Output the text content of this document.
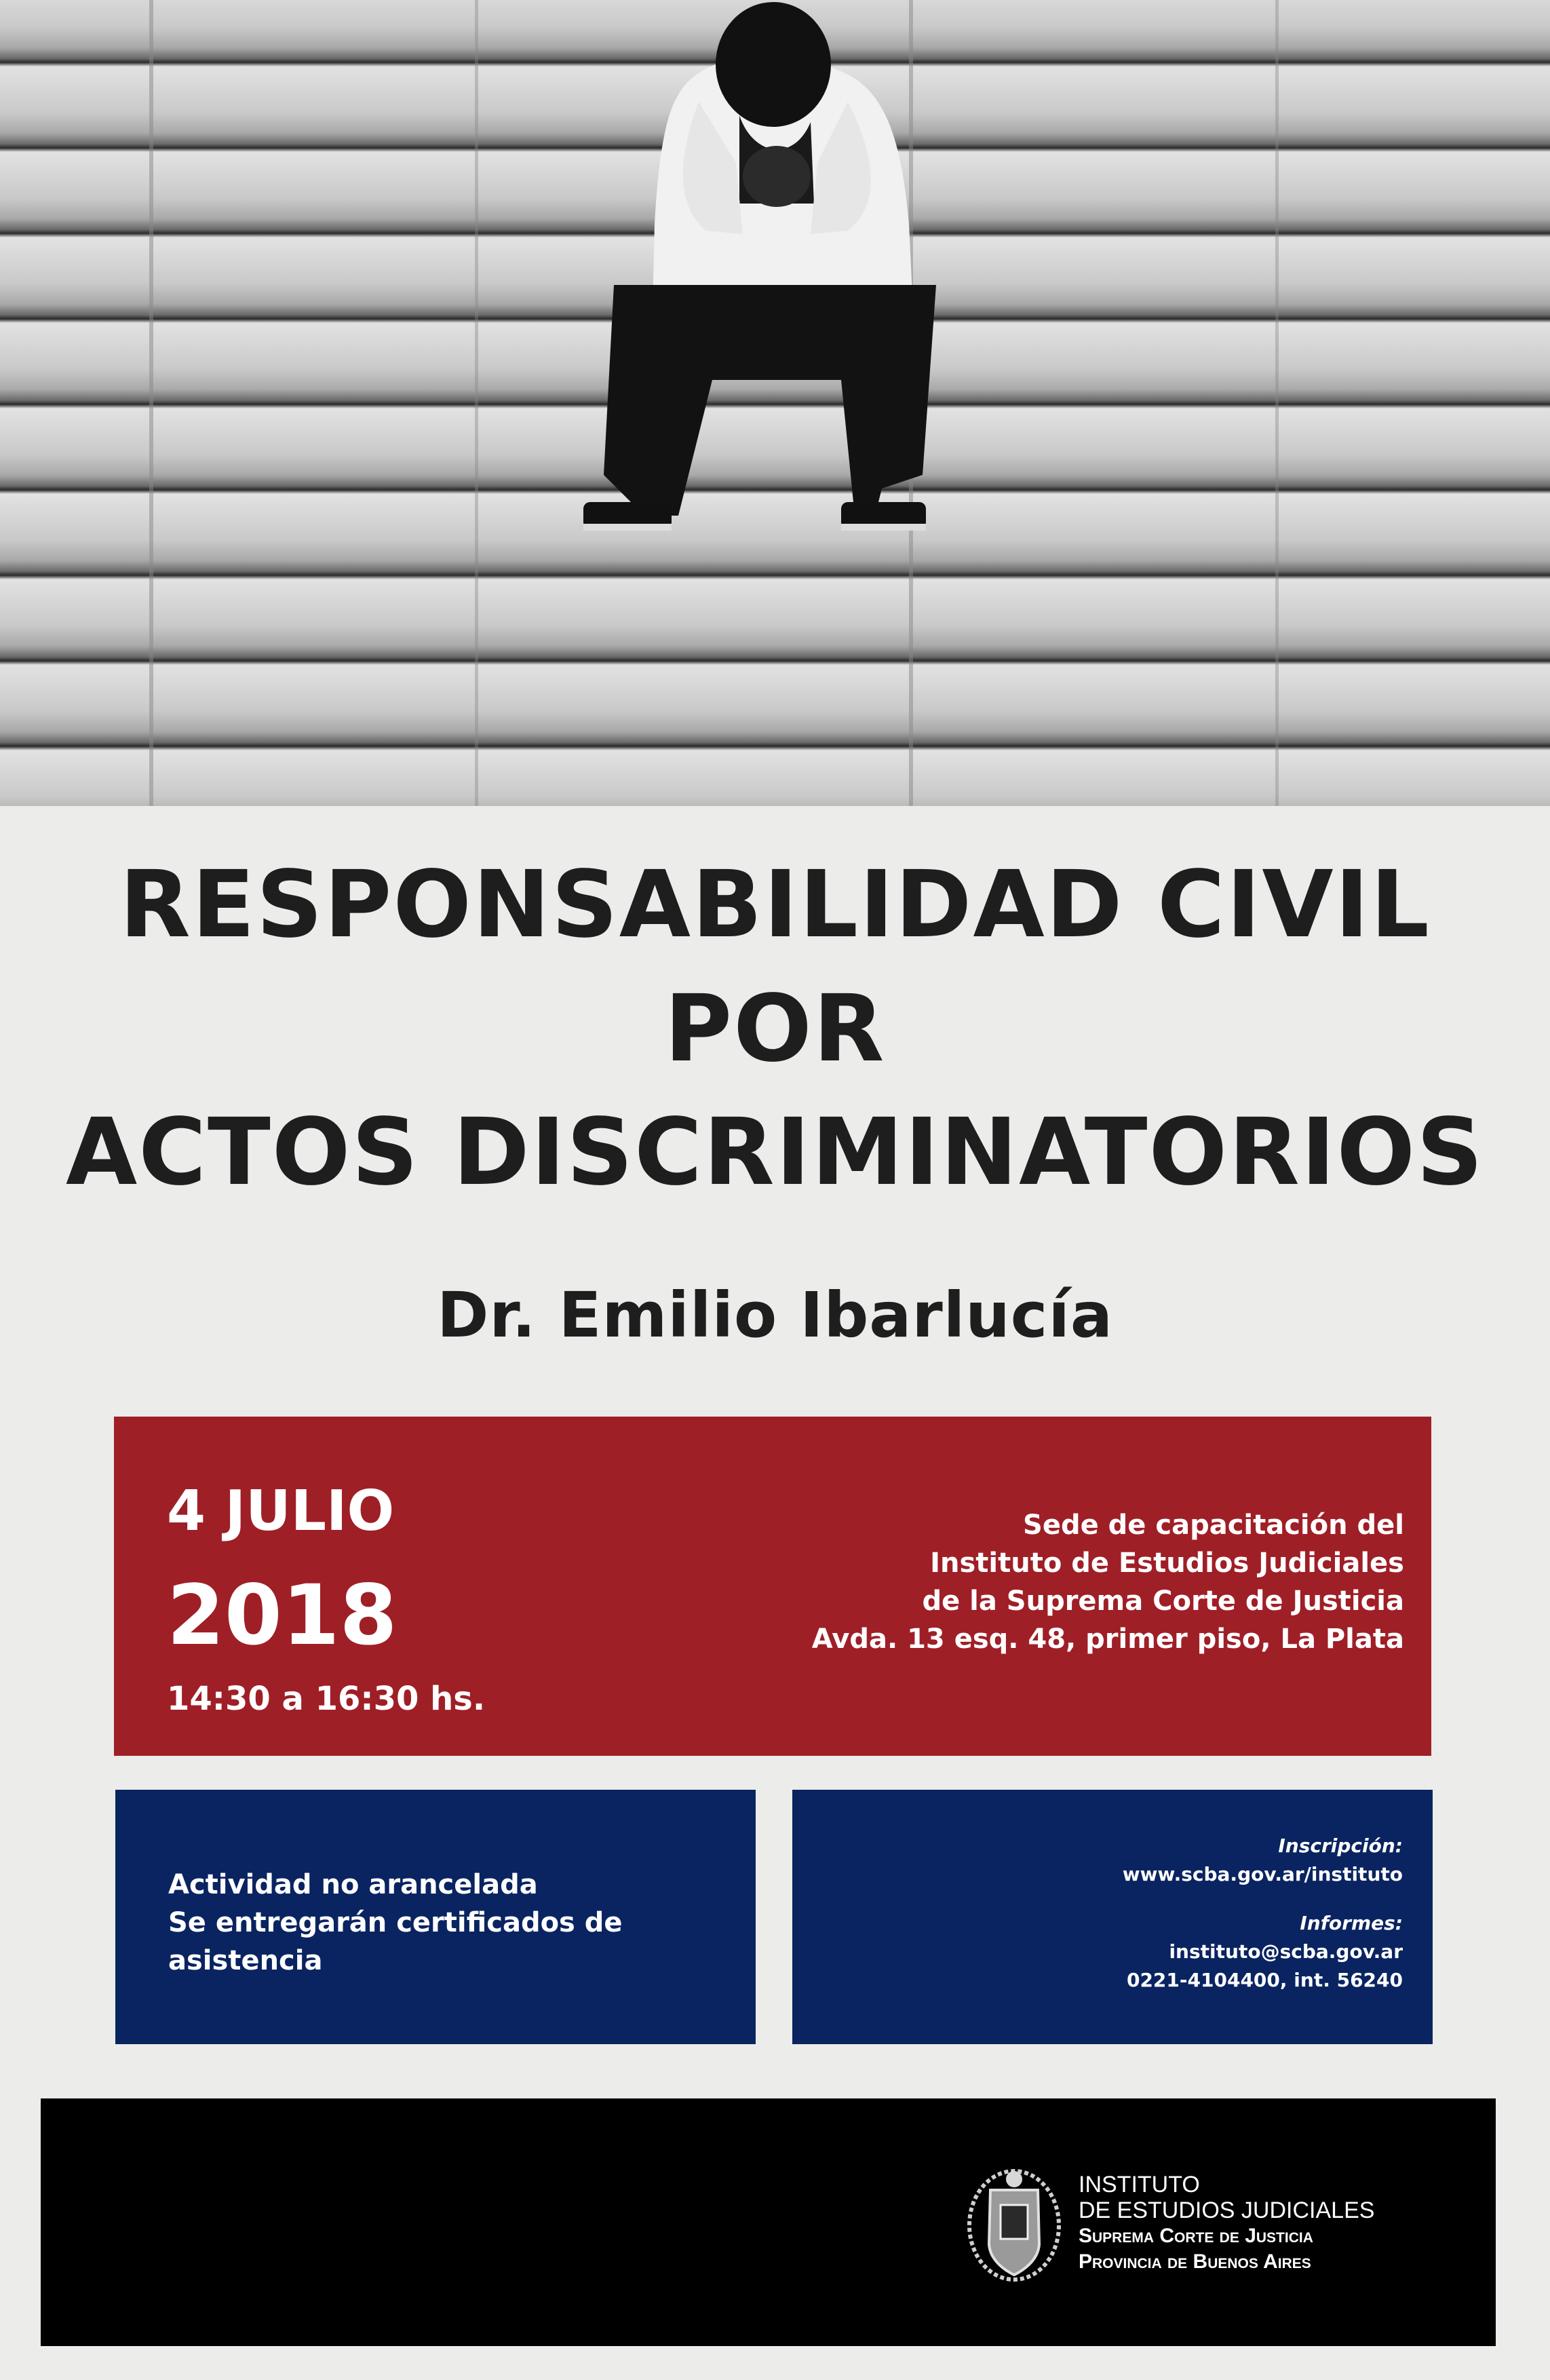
RESPONSABILIDAD CIVIL
POR
ACTOS DISCRIMINATORIOS
Dr. Emilio Ibarlucía
4 JULIO
2018
14:30 a 16:30 hs.
Sede de capacitación del
Instituto de Estudios Judiciales
de la Suprema Corte de Justicia
Avda. 13 esq. 48, primer piso, La Plata
Actividad no arancelada
Se entregarán certificados de asistencia
Inscripción:
www.scba.gov.ar/instituto
Informes:
instituto@scba.gov.ar
0221-4104400, int. 56240
INSTITUTO
DE ESTUDIOS JUDICIALES
Suprema Corte de Justicia
Provincia de Buenos Aires
